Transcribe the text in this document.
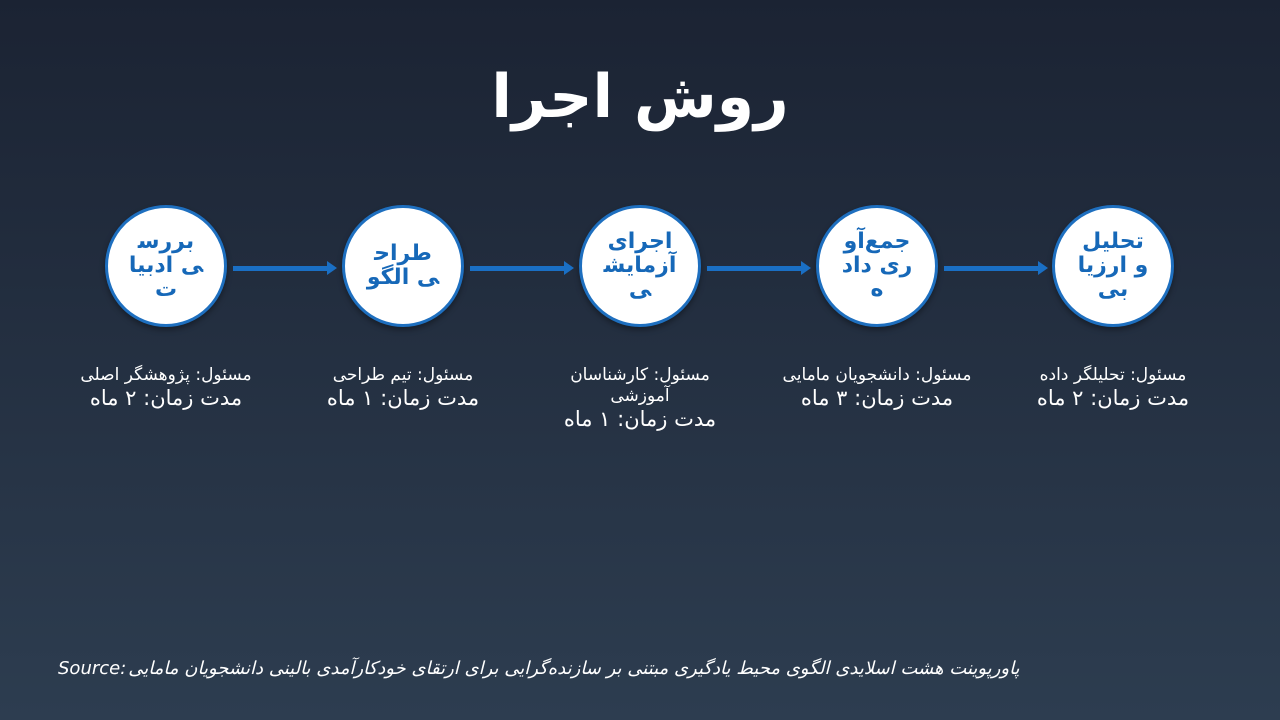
روش اجرا
تحلیل و ارزیابی
مسئول: تحلیلگر داده
مدت زمان: ۲ ماه
جمع‌آوری داده
مسئول: دانشجویان مامایی
مدت زمان: ۳ ماه
اجرای آزمایشی
مسئول: کارشناسان آموزشی
مدت زمان: ۱ ماه
طراحی الگو
مسئول: تیم طراحی
مدت زمان: ۱ ماه
بررسی ادبیات
مسئول: پژوهشگر اصلی
مدت زمان: ۲ ماه
Source: پاورپوینت هشت اسلایدی الگوی محیط یادگیری مبتنی بر سازنده‌گرایی برای ارتقای خودکارآمدی بالینی دانشجویان مامایی
